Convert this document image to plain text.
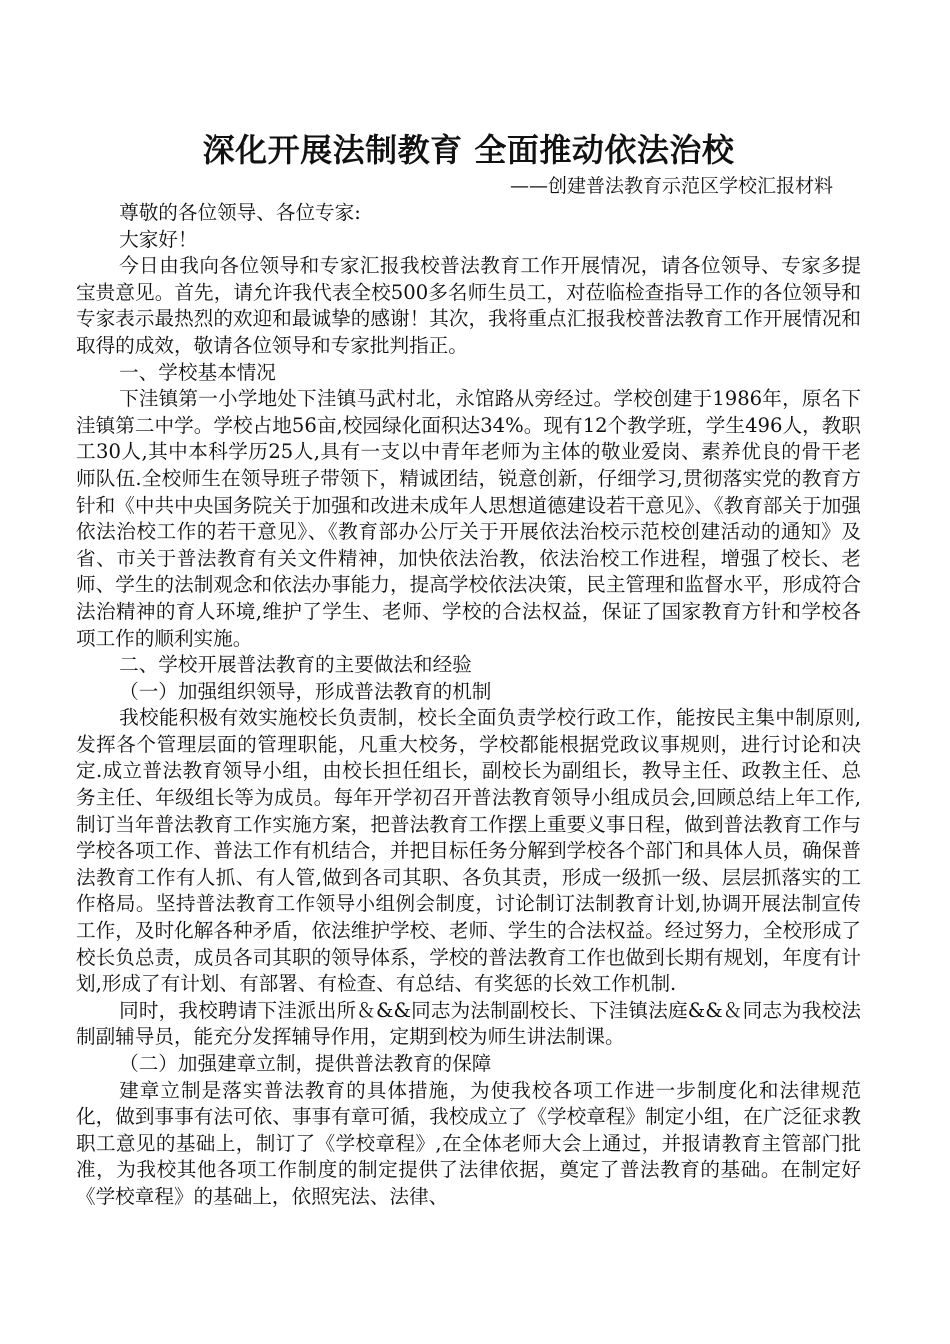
深化开展法制教育 全面推动依法治校

——创建普法教育示范区学校汇报材料

尊敬的各位领导、各位专家:

大家好！

今日由我向各位领导和专家汇报我校普法教育工作开展情况，请各位领导、专家多提宝贵意见。首先，请允许我代表全校500多名师生员工，对莅临检查指导工作的各位领导和专家表示最热烈的欢迎和最诚挚的感谢！其次，我将重点汇报我校普法教育工作开展情况和取得的成效，敬请各位领导和专家批判指正。

一、学校基本情况

下洼镇第一小学地处下洼镇马武村北，永馆路从旁经过。学校创建于1986年，原名下洼镇第二中学。学校占地56亩,校园绿化面积达34%。现有12个教学班，学生496人，教职工30人,其中本科学历25人,具有一支以中青年老师为主体的敬业爱岗、素养优良的骨干老师队伍.全校师生在领导班子带领下，精诚团结，锐意创新，仔细学习,贯彻落实党的教育方针和《中共中央国务院关于加强和改进未成年人思想道德建设若干意见》、《教育部关于加强依法治校工作的若干意见》、《教育部办公厅关于开展依法治校示范校创建活动的通知》及省、市关于普法教育有关文件精神，加快依法治教，依法治校工作进程，增强了校长、老师、学生的法制观念和依法办事能力，提高学校依法决策，民主管理和监督水平，形成符合法治精神的育人环境,维护了学生、老师、学校的合法权益，保证了国家教育方针和学校各项工作的顺利实施。

二、学校开展普法教育的主要做法和经验

（一）加强组织领导，形成普法教育的机制

我校能积极有效实施校长负责制，校长全面负责学校行政工作，能按民主集中制原则,发挥各个管理层面的管理职能，凡重大校务，学校都能根据党政议事规则，进行讨论和决定.成立普法教育领导小组，由校长担任组长，副校长为副组长，教导主任、政教主任、总务主任、年级组长等为成员。每年开学初召开普法教育领导小组成员会,回顾总结上年工作,制订当年普法教育工作实施方案，把普法教育工作摆上重要义事日程，做到普法教育工作与学校各项工作、普法工作有机结合，并把目标任务分解到学校各个部门和具体人员，确保普法教育工作有人抓、有人管,做到各司其职、各负其责，形成一级抓一级、层层抓落实的工作格局。坚持普法教育工作领导小组例会制度，讨论制订法制教育计划,协调开展法制宣传工作，及时化解各种矛盾，依法维护学校、老师、学生的合法权益。经过努力，全校形成了校长负总责，成员各司其职的领导体系，学校的普法教育工作也做到长期有规划，年度有计划,形成了有计划、有部署、有检查、有总结、有奖惩的长效工作机制.

同时，我校聘请下洼派出所＆&&同志为法制副校长、下洼镇法庭&&＆同志为我校法制副辅导员，能充分发挥辅导作用，定期到校为师生讲法制课。

（二）加强建章立制，提供普法教育的保障

建章立制是落实普法教育的具体措施，为使我校各项工作进一步制度化和法律规范化，做到事事有法可依、事事有章可循，我校成立了《学校章程》制定小组，在广泛征求教职工意见的基础上，制订了《学校章程》,在全体老师大会上通过，并报请教育主管部门批准，为我校其他各项工作制度的制定提供了法律依据，奠定了普法教育的基础。在制定好《学校章程》的基础上，依照宪法、法律、
